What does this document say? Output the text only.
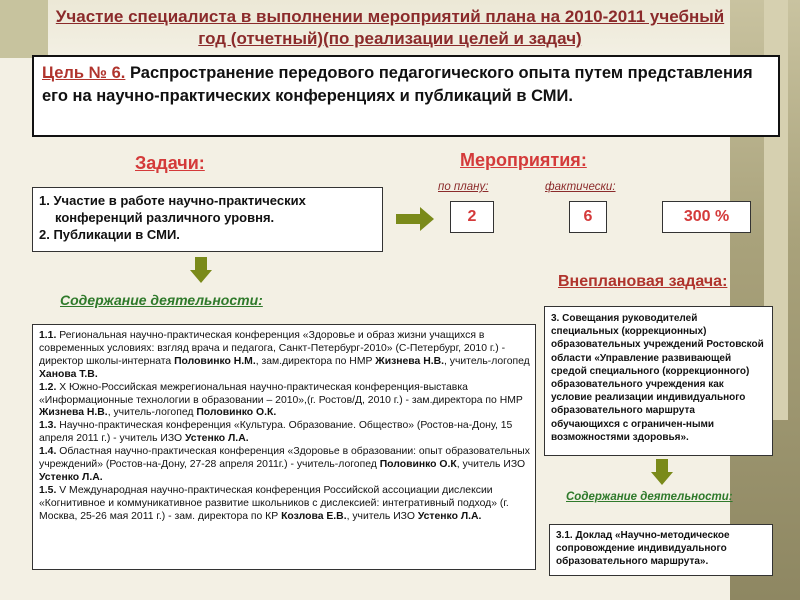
Участие специалиста в выполнении мероприятий плана на 2010-2011 учебный год (отчетный)(по реализации целей и задач)
Цель № 6. Распространение передового педагогического опыта путем представления его на научно-практических конференциях и публикаций в СМИ.
Задачи:	Мероприятия:
по плану:	фактически:
1. Участие в работе научно-практических
конференций различного уровня.
2. Публикации в СМИ.
2	6	300 %
Содержание деятельности:

1.1. Региональная научно-практическая конференция «Здоровье и образ жизни учащихся в современных условиях: взгляд врача и педагога, Санкт-Петербург-2010» (С-Петербург, 2010 г.) - директор школы-интерната Половинко Н.М., зам.директора по НМР Жизнева Н.В., учитель-логопед Ханова Т.В.

1.2. X Южно-Российская межрегиональная научно-практическая конференция-выставка «Информационные технологии в образовании – 2010»,(г. Ростов/Д, 2010 г.) - зам.директора по НМР Жизнева Н.В., учитель-логопед Половинко О.К.

1.3. Научно-практическая конференция «Культура. Образование. Общество» (Ростов-на-Дону, 15 апреля 2011 г.) - учитель ИЗО Устенко Л.А.

1.4. Областная научно-практическая конференция «Здоровье в образовании: опыт образовательных учреждений» (Ростов-на-Дону, 27-28 апреля 2011г.) - учитель-логопед Половинко О.К, учитель ИЗО Устенко Л.А.

1.5. V Международная научно-практическая конференция Российской ассоциации дислексии «Когнитивное и коммуникативное развитие школьников с дислексией: интегративный подход» (г. Москва, 25-26 мая 2011 г.) - зам. директора по КР Козлова Е.В., учитель ИЗО Устенко Л.А.

Внеплановая задача:
3. Совещания руководителей специальных (коррекционных) образовательных учреждений Ростовской области «Управление развивающей средой специального (коррекционного) образовательного учреждения как условие реализации индивидуального образовательного маршрута обучающихся с ограничен-ными возможностями здоровья».
Содержание деятельности:
3.1. Доклад «Научно-методическое сопровождение индивидуального образовательного маршрута».
